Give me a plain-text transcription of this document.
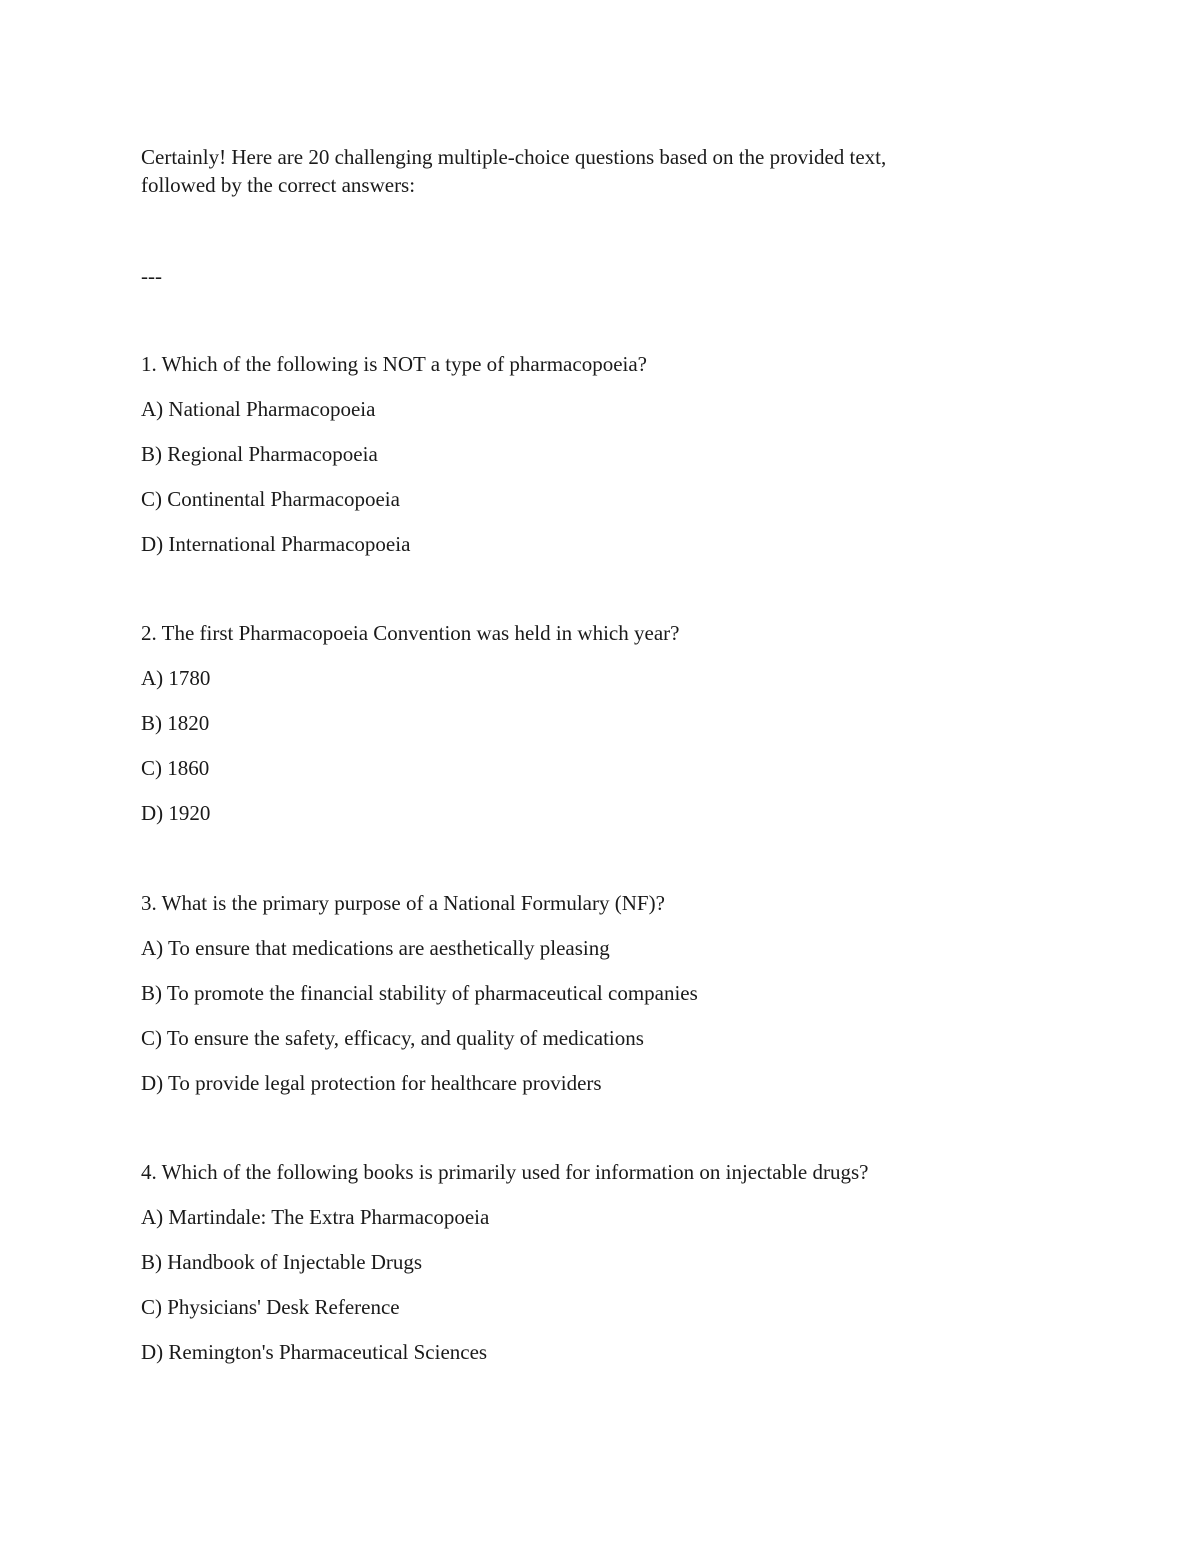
Certainly! Here are 20 challenging multiple-choice questions based on the provided text,

followed by the correct answers:

---

1. Which of the following is NOT a type of pharmacopoeia?

A) National Pharmacopoeia

B) Regional Pharmacopoeia

C) Continental Pharmacopoeia

D) International Pharmacopoeia

2. The first Pharmacopoeia Convention was held in which year?

A) 1780

B) 1820

C) 1860

D) 1920

3. What is the primary purpose of a National Formulary (NF)?

A) To ensure that medications are aesthetically pleasing

B) To promote the financial stability of pharmaceutical companies

C) To ensure the safety, efficacy, and quality of medications

D) To provide legal protection for healthcare providers

4. Which of the following books is primarily used for information on injectable drugs?

A) Martindale: The Extra Pharmacopoeia

B) Handbook of Injectable Drugs

C) Physicians' Desk Reference

D) Remington's Pharmaceutical Sciences
